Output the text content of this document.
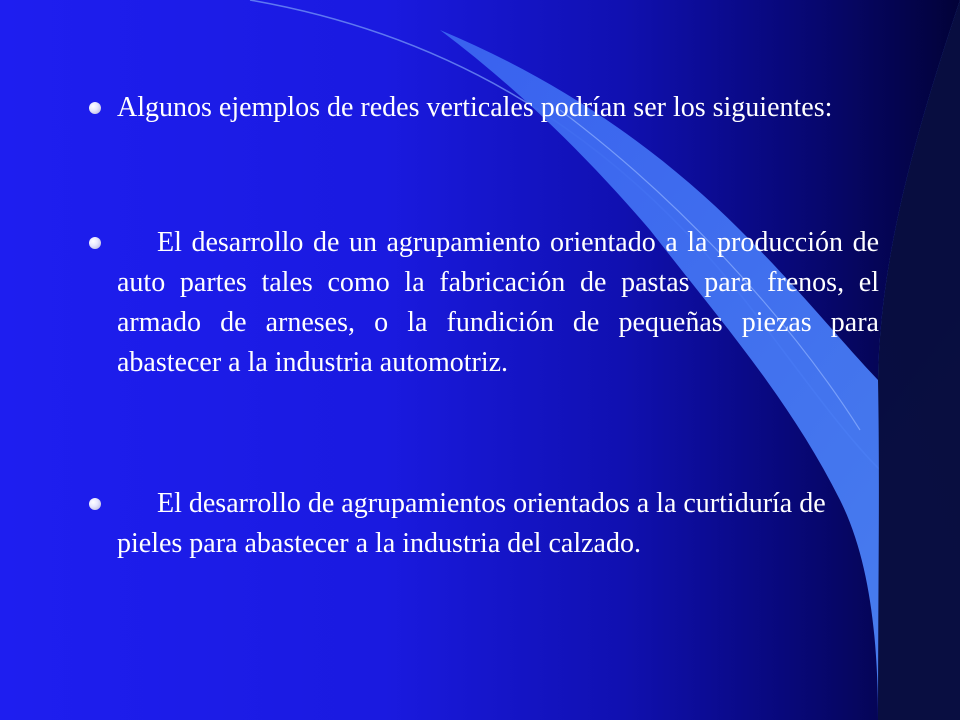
Algunos ejemplos de redes verticales podrían ser los siguientes:
El desarrollo de un agrupamiento orientado a la producción de auto partes tales como la fabricación de pastas para frenos, el armado de arneses, o la fundición de pequeñas piezas para abastecer a la industria automotriz.
El desarrollo de agrupamientos orientados a la curtiduría de pieles para abastecer a la industria del calzado.
